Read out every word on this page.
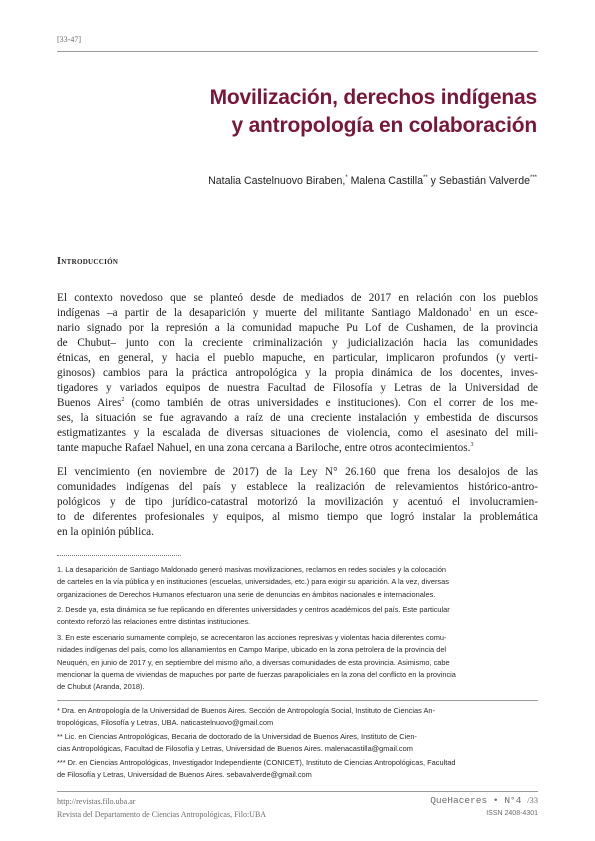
[33-47]
Movilización, derechos indígenas
y antropología en colaboración
Natalia Castelnuovo Biraben,* Malena Castilla** y Sebastián Valverde***
Introducción
El contexto novedoso que se planteó desde de mediados de 2017 en relación con los pueblos
indígenas –a partir de la desaparición y muerte del militante Santiago Maldonado$^1$ en un esce-
nario signado por la represión a la comunidad mapuche Pu Lof de Cushamen, de la provincia
de Chubut– junto con la creciente criminalización y judicialización hacia las comunidades
étnicas, en general, y hacia el pueblo mapuche, en particular, implicaron profundos (y verti-
ginosos) cambios para la práctica antropológica y la propia dinámica de los docentes, inves-
tigadores y variados equipos de nuestra Facultad de Filosofía y Letras de la Universidad de
Buenos Aires$^2$ (como también de otras universidades e instituciones). Con el correr de los me-
ses, la situación se fue agravando a raíz de una creciente instalación y embestida de discursos
estigmatizantes y la escalada de diversas situaciones de violencia, como el asesinato del mili-
tante mapuche Rafael Nahuel, en una zona cercana a Bariloche, entre otros acontecimientos.$^3$
El vencimiento (en noviembre de 2017) de la Ley N° 26.160 que frena los desalojos de las
comunidades indígenas del país y establece la realización de relevamientos histórico-antro-
pológicos y de tipo jurídico-catastral motorizó la movilización y acentuó el involucramien-
to de diferentes profesionales y equipos, al mismo tiempo que logró instalar la problemática
en la opinión pública.
1. La desaparición de Santiago Maldonado generó masivas movilizaciones, reclamos en redes sociales y la colocación
de carteles en la vía pública y en instituciones (escuelas, universidades, etc.) para exigir su aparición. A la vez, diversas
organizaciones de Derechos Humanos efectuaron una serie de denuncias en ámbitos nacionales e internacionales.
2. Desde ya, esta dinámica se fue replicando en diferentes universidades y centros académicos del país. Este particular
contexto reforzó las relaciones entre distintas instituciones.
3. En este escenario sumamente complejo, se acrecentaron las acciones represivas y violentas hacia diferentes comu-
nidades indígenas del país, como los allanamientos en Campo Maripe, ubicado en la zona petrolera de la provincia del
Neuquén, en junio de 2017 y, en septiembre del mismo año, a diversas comunidades de esta provincia. Asimismo, cabe
mencionar la quema de viviendas de mapuches por parte de fuerzas parapoliciales en la zona del conflicto en la provincia
de Chubut (Aranda, 2018).
* Dra. en Antropología de la Universidad de Buenos Aires. Sección de Antropología Social, Instituto de Ciencias An-
tropológicas, Filosofía y Letras, UBA. naticastelnuovo@gmail.com
** Lic. en Ciencias Antropológicas, Becaria de doctorado de la Universidad de Buenos Aires, Instituto de Cien-
cias Antropológicas, Facultad de Filosofía y Letras, Universidad de Buenos Aires. malenacastilla@gmail.com
*** Dr. en Ciencias Antropológicas, Investigador Independiente (CONICET), Instituto de Ciencias Antropológicas, Facultad
de Filosofía y Letras, Universidad de Buenos Aires. sebavalverde@gmail.com
http://revistas.filo.uba.ar
Revista del Departamento de Ciencias Antropológicas, Filo:UBA
QueHaceres • N°4 /33
ISSN 2408-4301
